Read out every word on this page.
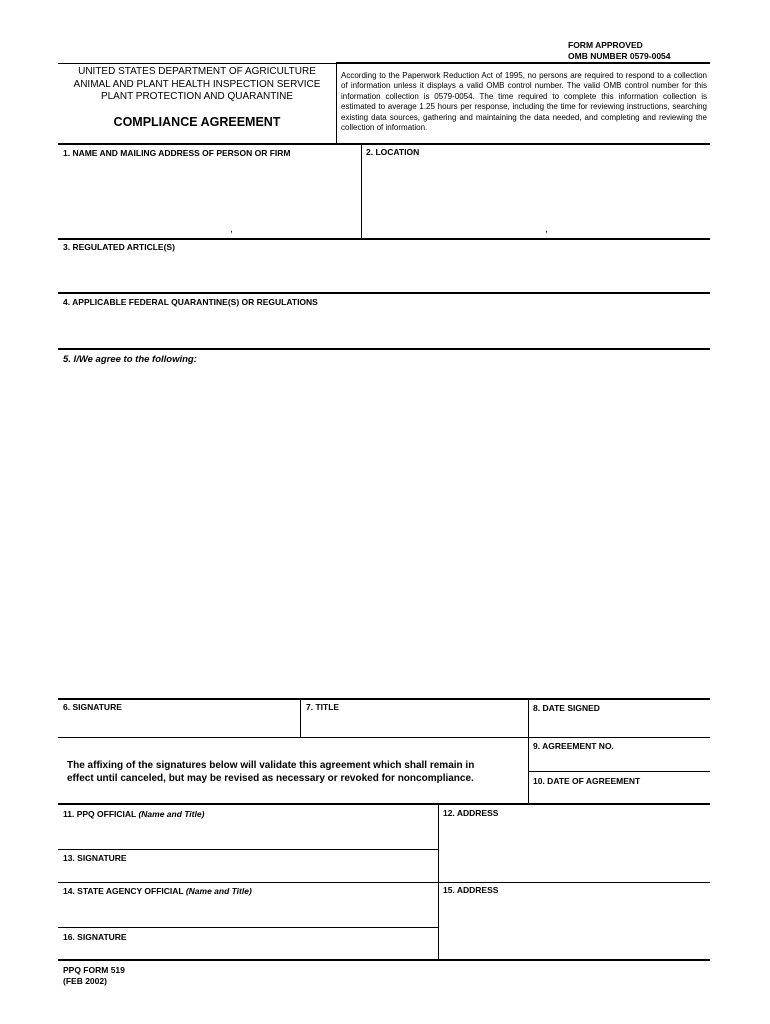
FORM APPROVED
OMB NUMBER 0579-0054
UNITED STATES DEPARTMENT OF AGRICULTURE
ANIMAL AND PLANT HEALTH INSPECTION SERVICE
PLANT PROTECTION AND QUARANTINE
COMPLIANCE AGREEMENT
According to the Paperwork Reduction Act of 1995, no persons are required to respond to a collection of information unless it displays a valid OMB control number. The valid OMB control number for this information collection is 0579-0054. The time required to complete this information collection is estimated to average 1.25 hours per response, including the time for reviewing instructions, searching existing data sources, gathering and maintaining the data needed, and completing and reviewing the collection of information.
1. NAME AND MAILING ADDRESS OF PERSON OR FIRM	2. LOCATION
,	,
3. REGULATED ARTICLE(S)
4. APPLICABLE FEDERAL QUARANTINE(S) OR REGULATIONS
5. I/We agree to the following:
6. SIGNATURE	7. TITLE	8. DATE SIGNED
The affixing of the signatures below will validate this agreement which shall remain in
effect until canceled, but may be revised as necessary or revoked for noncompliance.
9. AGREEMENT NO.
10. DATE OF AGREEMENT
11. PPQ OFFICIAL (Name and Title)	12. ADDRESS
13. SIGNATURE
14. STATE AGENCY OFFICIAL (Name and Title)	15. ADDRESS
16. SIGNATURE
PPQ FORM 519
(FEB 2002)
